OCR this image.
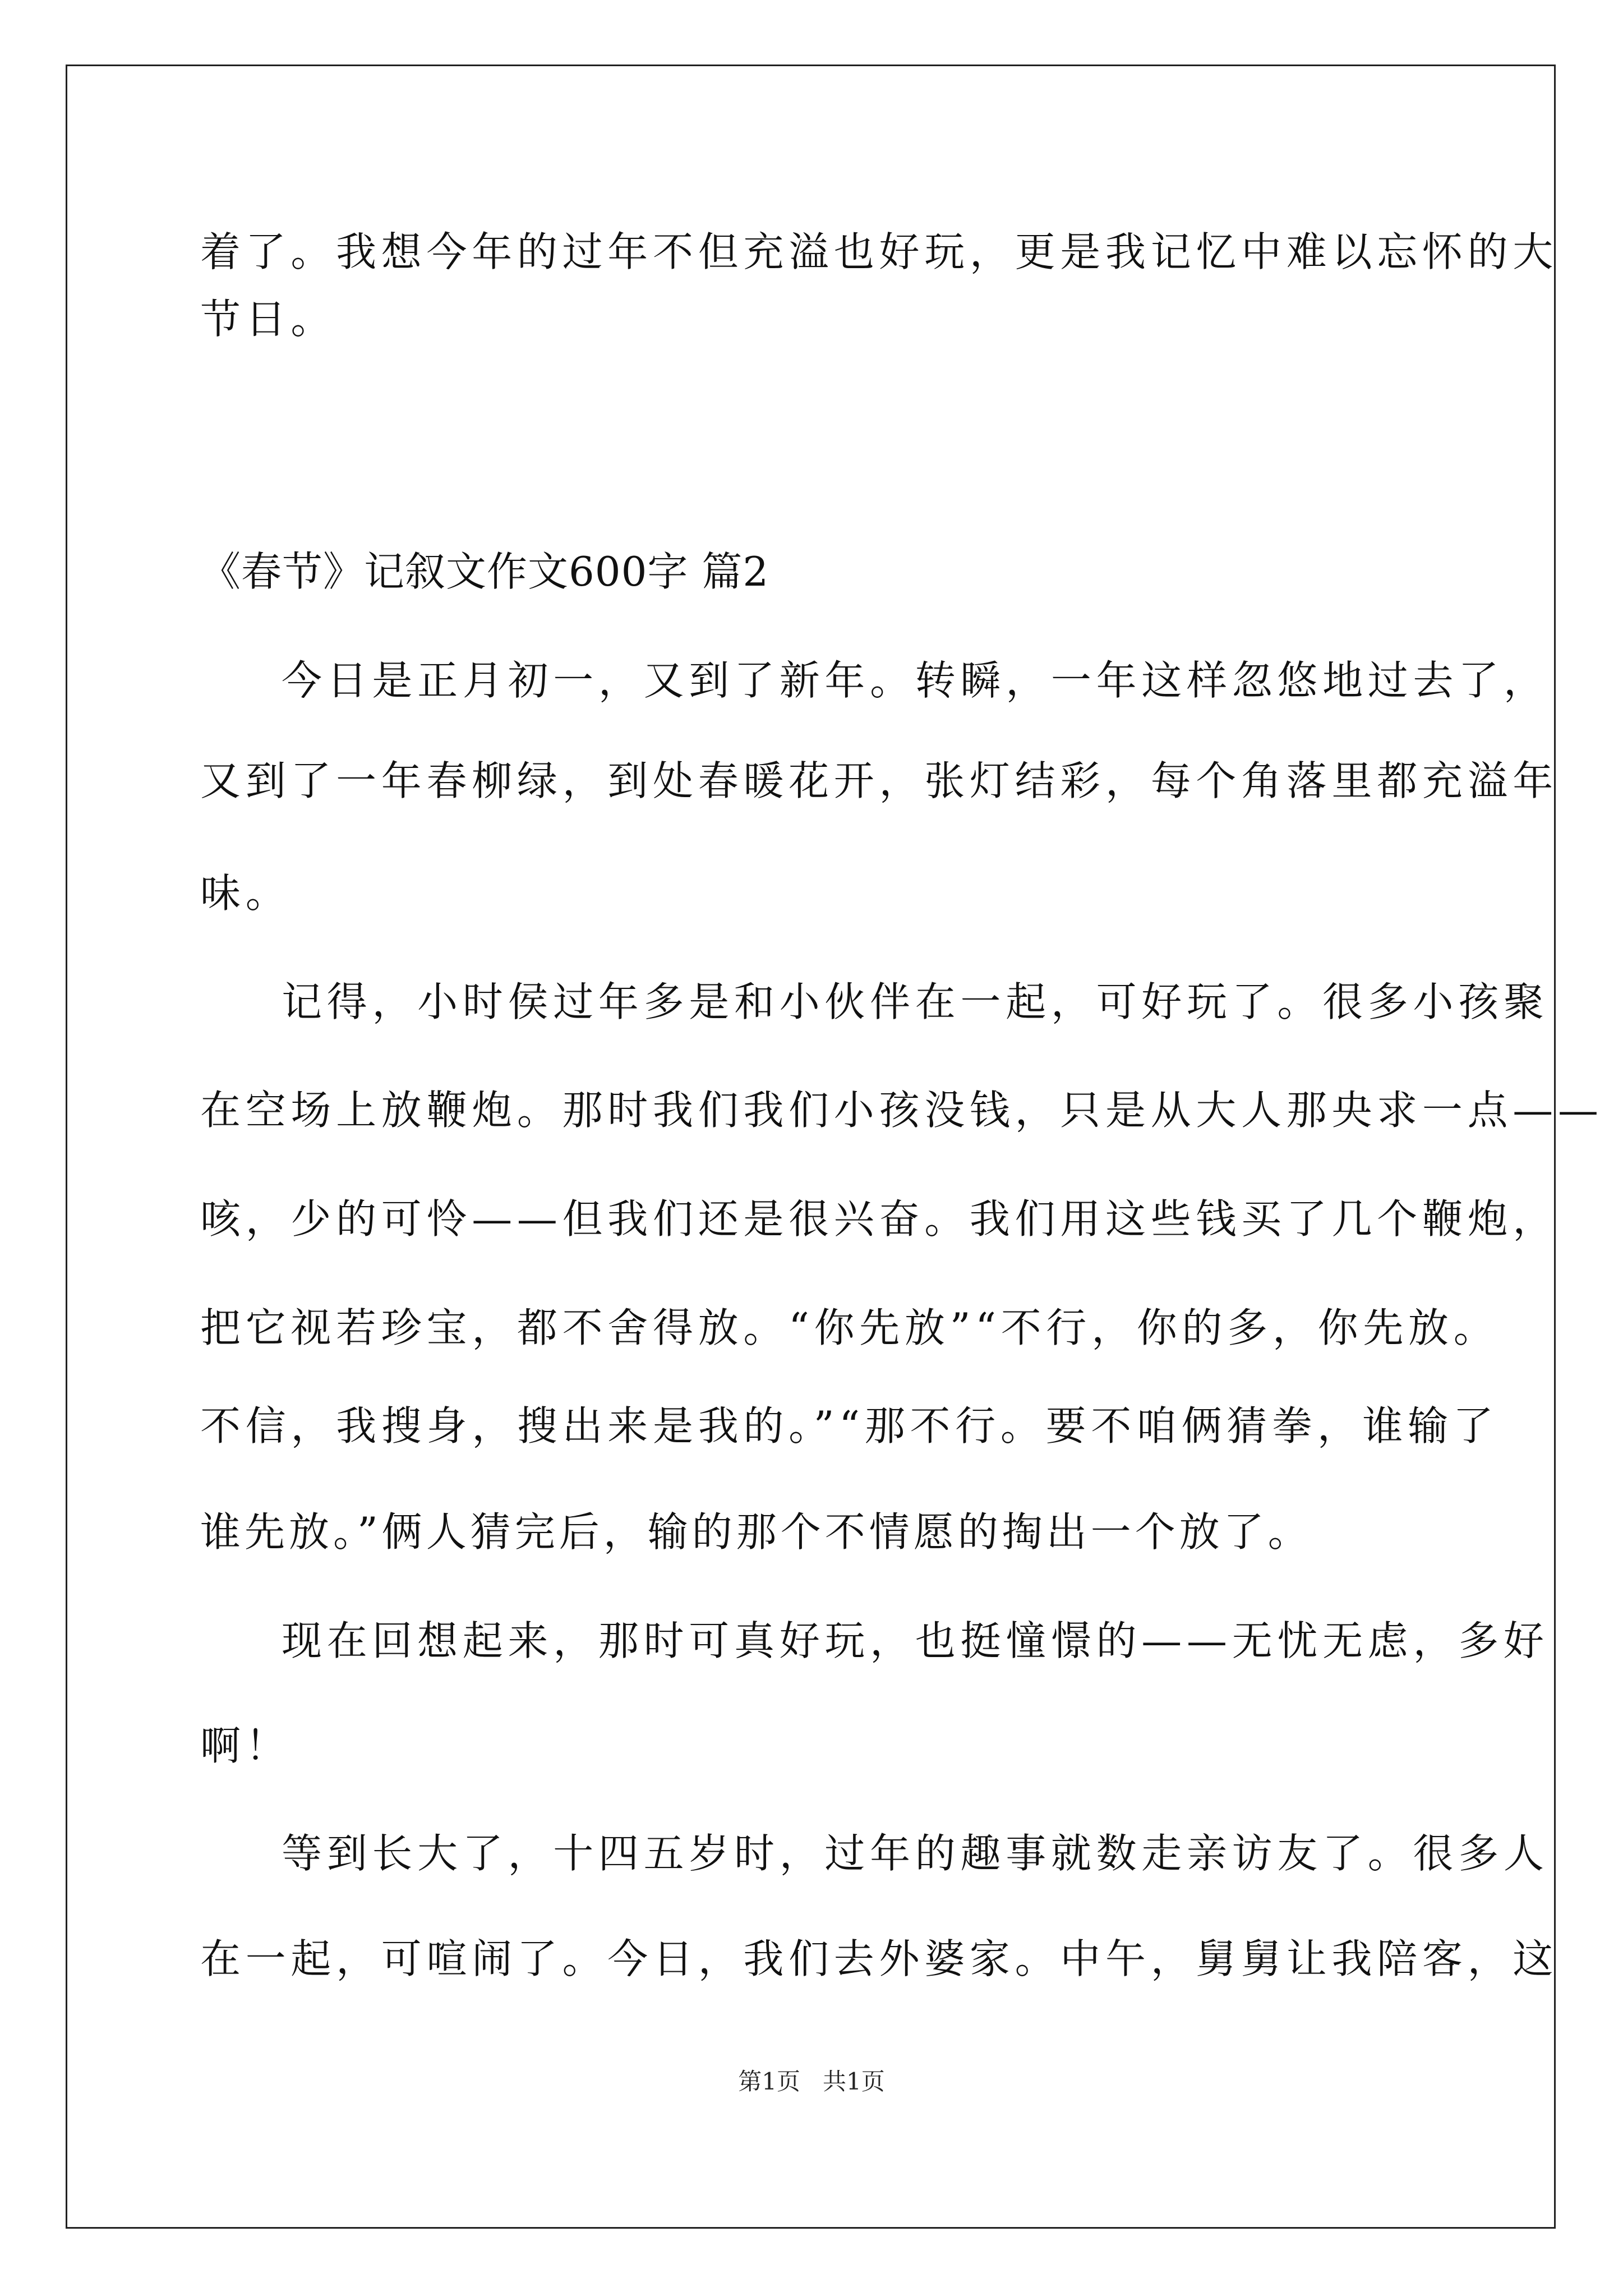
着了。我想今年的过年不但充溢也好玩，更是我记忆中难以忘怀的大
节日。
《春节》记叙文作文600字 篇2
今日是正月初一，又到了新年。转瞬，一年这样忽悠地过去了，
又到了一年春柳绿，到处春暖花开，张灯结彩，每个角落里都充溢年
味。
记得，小时侯过年多是和小伙伴在一起，可好玩了。很多小孩聚
在空场上放鞭炮。那时我们我们小孩没钱，只是从大人那央求一点——
咳，少的可怜——但我们还是很兴奋。我们用这些钱买了几个鞭炮，
把它视若珍宝，都不舍得放。“你先放”“不行，你的多，你先放。
不信，我搜身，搜出来是我的。”“那不行。要不咱俩猜拳，谁输了
谁先放。”俩人猜完后，输的那个不情愿的掏出一个放了。
现在回想起来，那时可真好玩，也挺憧憬的——无忧无虑，多好
啊！
等到长大了，十四五岁时，过年的趣事就数走亲访友了。很多人
在一起，可喧闹了。今日，我们去外婆家。中午，舅舅让我陪客，这
第1页   共1页
